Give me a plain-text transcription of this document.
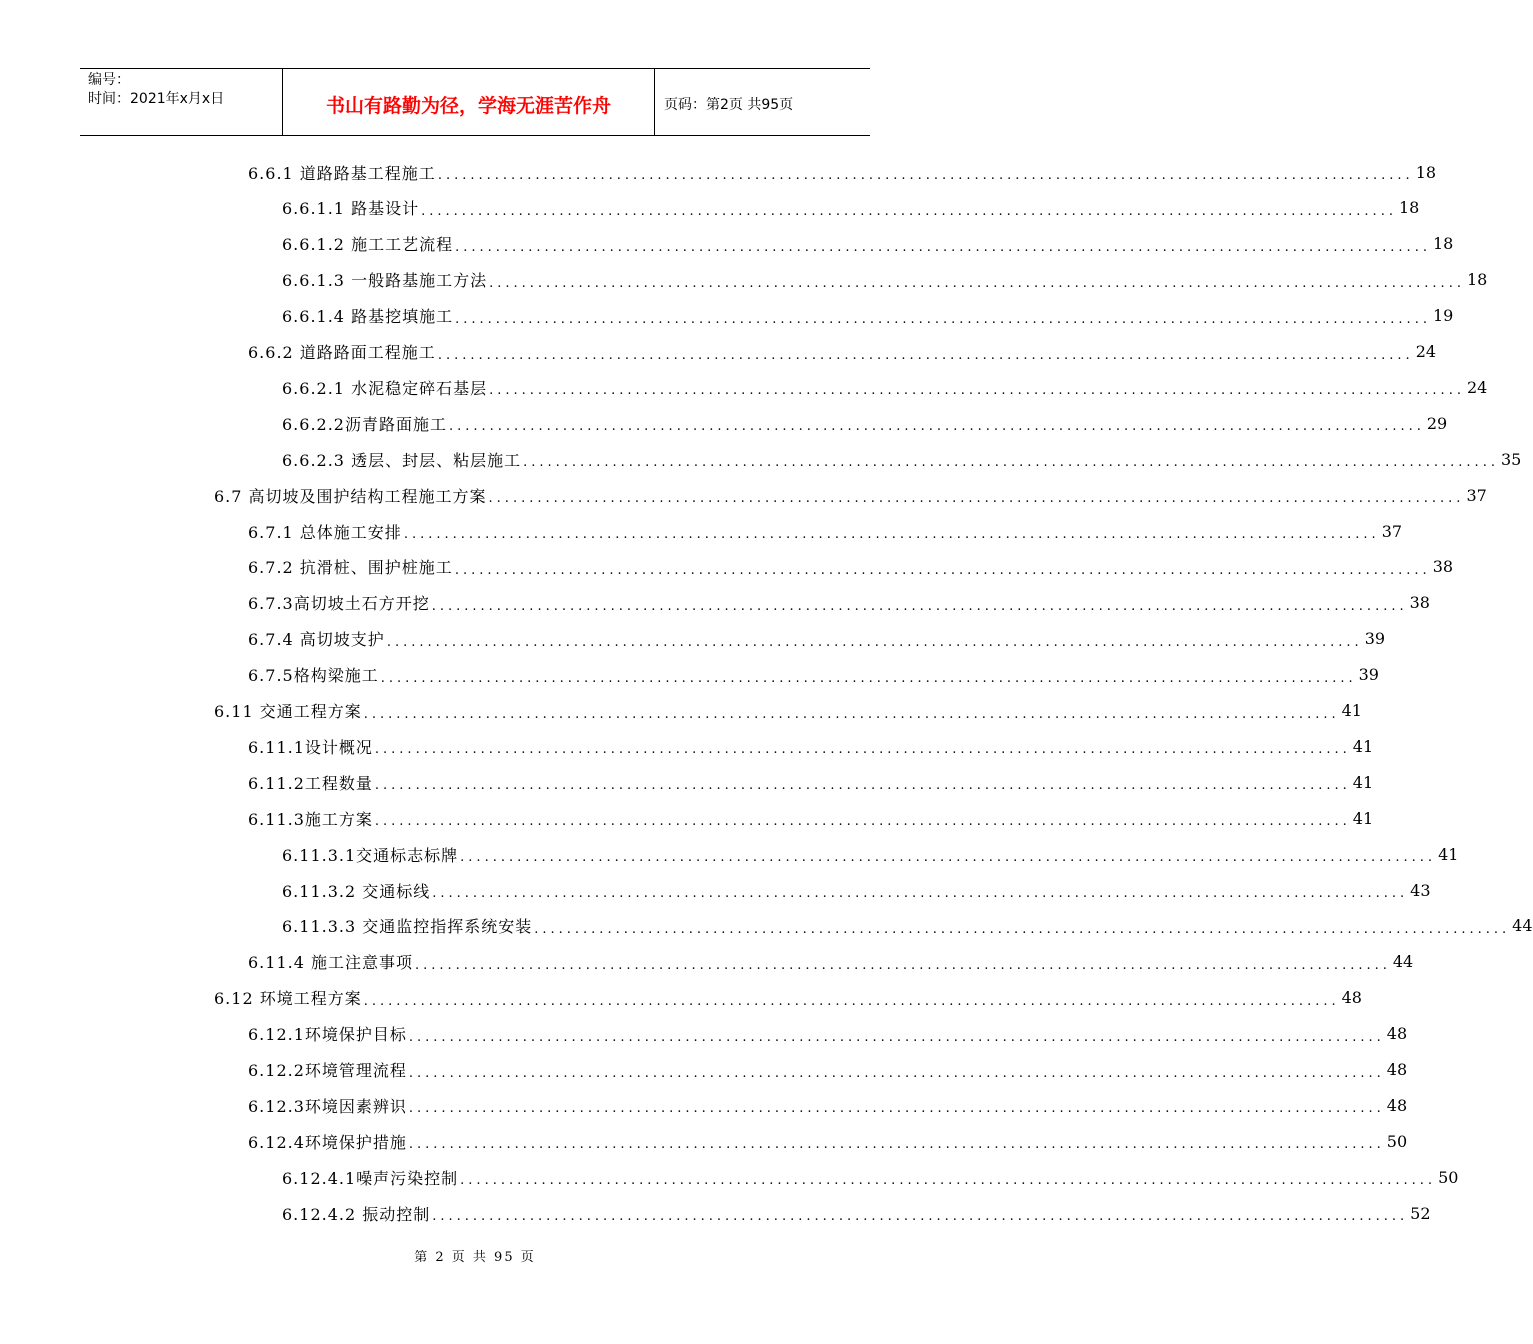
编号：
时间：2021年x月x日	书山有路勤为径，学海无涯苦作舟	页码：第2页 共95页
6.6.1 道路路基工程施工 ........................................................................................................................ 18
6.6.1.1 路基设计 ........................................................................................................................ 18
6.6.1.2 施工工艺流程 ........................................................................................................................ 18
6.6.1.3 一般路基施工方法 ........................................................................................................................ 18
6.6.1.4 路基挖填施工 ........................................................................................................................ 19
6.6.2 道路路面工程施工 ........................................................................................................................ 24
6.6.2.1 水泥稳定碎石基层 ........................................................................................................................ 24
6.6.2.2沥青路面施工 ........................................................................................................................ 29
6.6.2.3 透层、封层、粘层施工 ........................................................................................................................ 35
6.7 高切坡及围护结构工程施工方案 ........................................................................................................................ 37
6.7.1 总体施工安排 ........................................................................................................................ 37
6.7.2 抗滑桩、围护桩施工 ........................................................................................................................ 38
6.7.3高切坡土石方开挖 ........................................................................................................................ 38
6.7.4 高切坡支护 ........................................................................................................................ 39
6.7.5格构梁施工 ........................................................................................................................ 39
6.11 交通工程方案 ........................................................................................................................ 41
6.11.1设计概况 ........................................................................................................................ 41
6.11.2工程数量 ........................................................................................................................ 41
6.11.3施工方案 ........................................................................................................................ 41
6.11.3.1交通标志标牌 ........................................................................................................................ 41
6.11.3.2 交通标线 ........................................................................................................................ 43
6.11.3.3 交通监控指挥系统安装 ........................................................................................................................ 44
6.11.4 施工注意事项 ........................................................................................................................ 44
6.12 环境工程方案 ........................................................................................................................ 48
6.12.1环境保护目标 ........................................................................................................................ 48
6.12.2环境管理流程 ........................................................................................................................ 48
6.12.3环境因素辨识 ........................................................................................................................ 48
6.12.4环境保护措施 ........................................................................................................................ 50
6.12.4.1噪声污染控制 ........................................................................................................................ 50
6.12.4.2 振动控制 ........................................................................................................................ 52
第 2 页 共 95 页
